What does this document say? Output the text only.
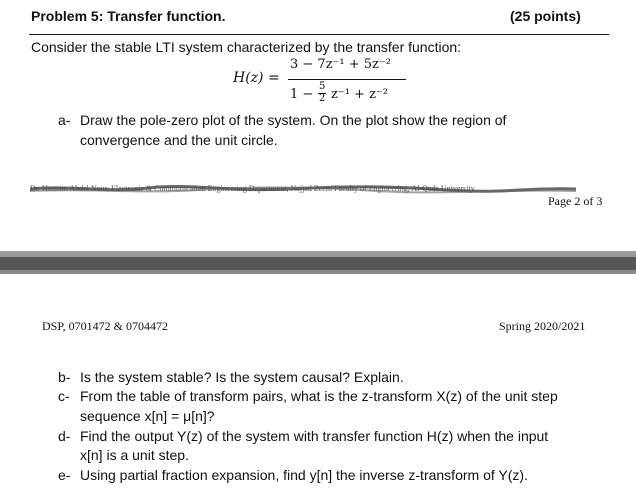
Problem 5: Transfer function.	(25 points)
Consider the stable LTI system characterized by the transfer function:
H(z) =
3 − 7z⁻¹ + 5z⁻²
1 −
5
2 z⁻¹ + z⁻²
a- Draw the pole-zero plot of the system. On the plot show the region of
convergence and the unit circle.
Dr. Hossam Abdel Nour, Electronic & Communication Engineering Department, Najjad Zeem Faculty of Engineering, Al-Quds University
Page 2 of 3
DSP, 0701472 & 0704472	Spring 2020/2021
b- Is the system stable? Is the system causal? Explain.
c- From the table of transform pairs, what is the z-transform X(z) of the unit step
sequence x[n] = μ[n]?
d- Find the output Y(z) of the system with transfer function H(z) when the input
x[n] is a unit step.
e- Using partial fraction expansion, find y[n] the inverse z-transform of Y(z).
